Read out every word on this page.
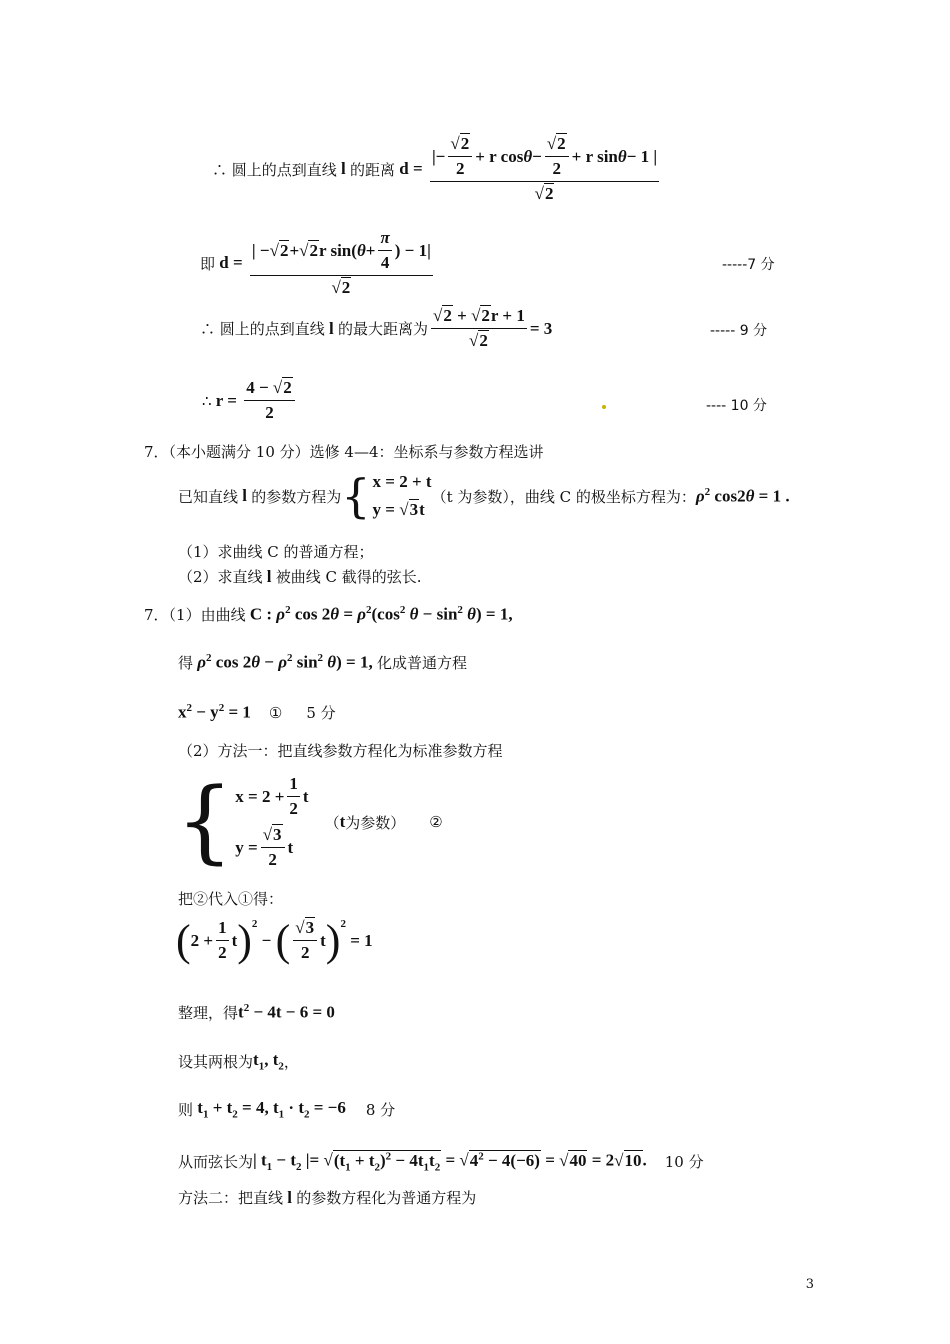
∴ 圆上的点到直线 l 的距离 $d = \frac{|- \frac{√2}{2} + r \cos \theta - \frac{√2}{2} + r \sin \theta - 1 |}{√2}$
即 $d = \frac{| - √2 + √2 r \sin( \theta + \frac{\pi}{4} ) - 1|}{√2}$	-----7 分
∴ 圆上的点到直线 l 的最大距离为 $\frac{√2 + √2r + 1}{√2} = 3$	----- 9 分
∴ $r = \frac{4 - √2}{2}$	---- 10 分
7．（本小题满分 10 分）选修 4—4：坐标系与参数方程选讲
已知直线 l 的参数方程为 { x = 2 + t
y = √3t
（t 为参数），曲线 C 的极坐标方程为： $\rho^2$ cos2θ = 1 .
（1）求曲线 C 的普通方程；
（2）求直线 l 被曲线 C 截得的弦长.
7．（1）由曲线 C : $\rho^2$ $\cos 2\theta = \rho^2(\cos^2$ $\theta - \sin^2 \theta) = 1$,
得 $\rho^2$ $\cos 2\theta - \rho^2$ $\sin^2 \theta) = 1$, 化成普通方程
$x^2 - y^2 = 1$ ① 5 分
（2）方法一：把直线参数方程化为标准参数方程
{ $x = 2 + \frac{1}{2}$ t
$y = \frac{√3}{2}$ t
（ t 为参数） ②
把②代入①得：
( $2 + \frac{1}{2}$ t ) 2
− ( $\frac{√3}{2}$ t ) 2
= 1
整理，得 $t^2 - 4t - 6 = 0$
设其两根为 $t_1$, $t_2$ ，
则 $t_1 + t_2 = 4$, $t_1 \cdot t_2 = -6$ 8 分
从而弦长为 | $t_1 - t_2$ |= $√(t_1 + t_2)^2 - 4t_1t_2 = √4^2 - 4(-6) = √40 = 2√10$. 10 分
方法二：把直线 l 的参数方程化为普通方程为
3
